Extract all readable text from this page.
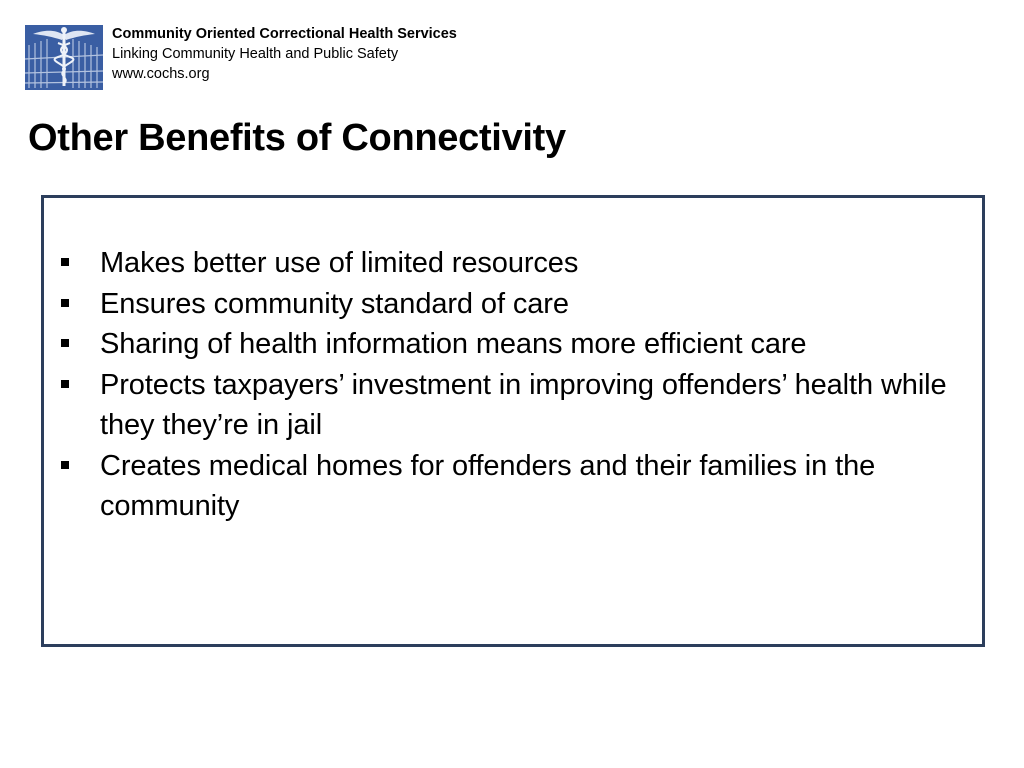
Community Oriented Correctional Health Services
Linking Community Health and Public Safety
www.cochs.org
Other Benefits of Connectivity
Makes better use of limited resources
Ensures community standard of care
Sharing of health information means more efficient care
Protects taxpayers’ investment in improving offenders’ health while they they’re in jail
Creates medical homes for offenders and their families in the community
